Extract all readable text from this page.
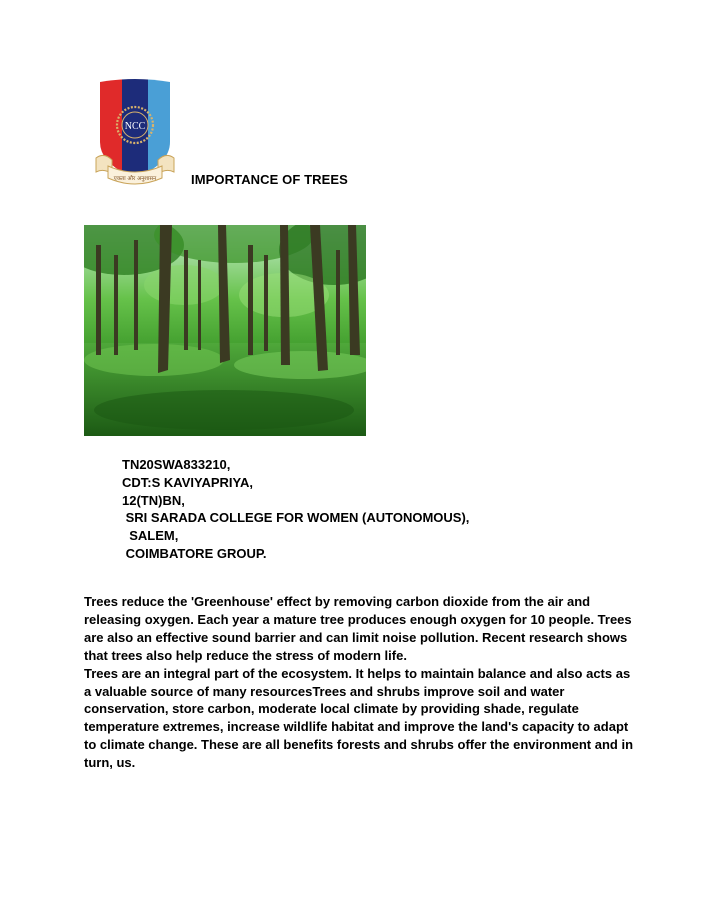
NCC
एकता और अनुशासन	IMPORTANCE OF TREES
TN20SWA833210,
CDT:S KAVIYAPRIYA,
12(TN)BN,
SRI SARADA COLLEGE FOR WOMEN (AUTONOMOUS),
SALEM,
COIMBATORE GROUP.

Trees reduce the 'Greenhouse' effect by removing carbon dioxide from the air and releasing oxygen. Each year a mature tree produces enough oxygen for 10 people. Trees are also an effective sound barrier and can limit noise pollution. Recent research shows that trees also help reduce the stress of modern life.

Trees are an integral part of the ecosystem. It helps to maintain balance and also acts as a valuable source of many resourcesTrees and shrubs improve soil and water conservation, store carbon, moderate local climate by providing shade, regulate temperature extremes, increase wildlife habitat and improve the land's capacity to adapt to climate change. These are all benefits forests and shrubs offer the environment and in turn, us.
